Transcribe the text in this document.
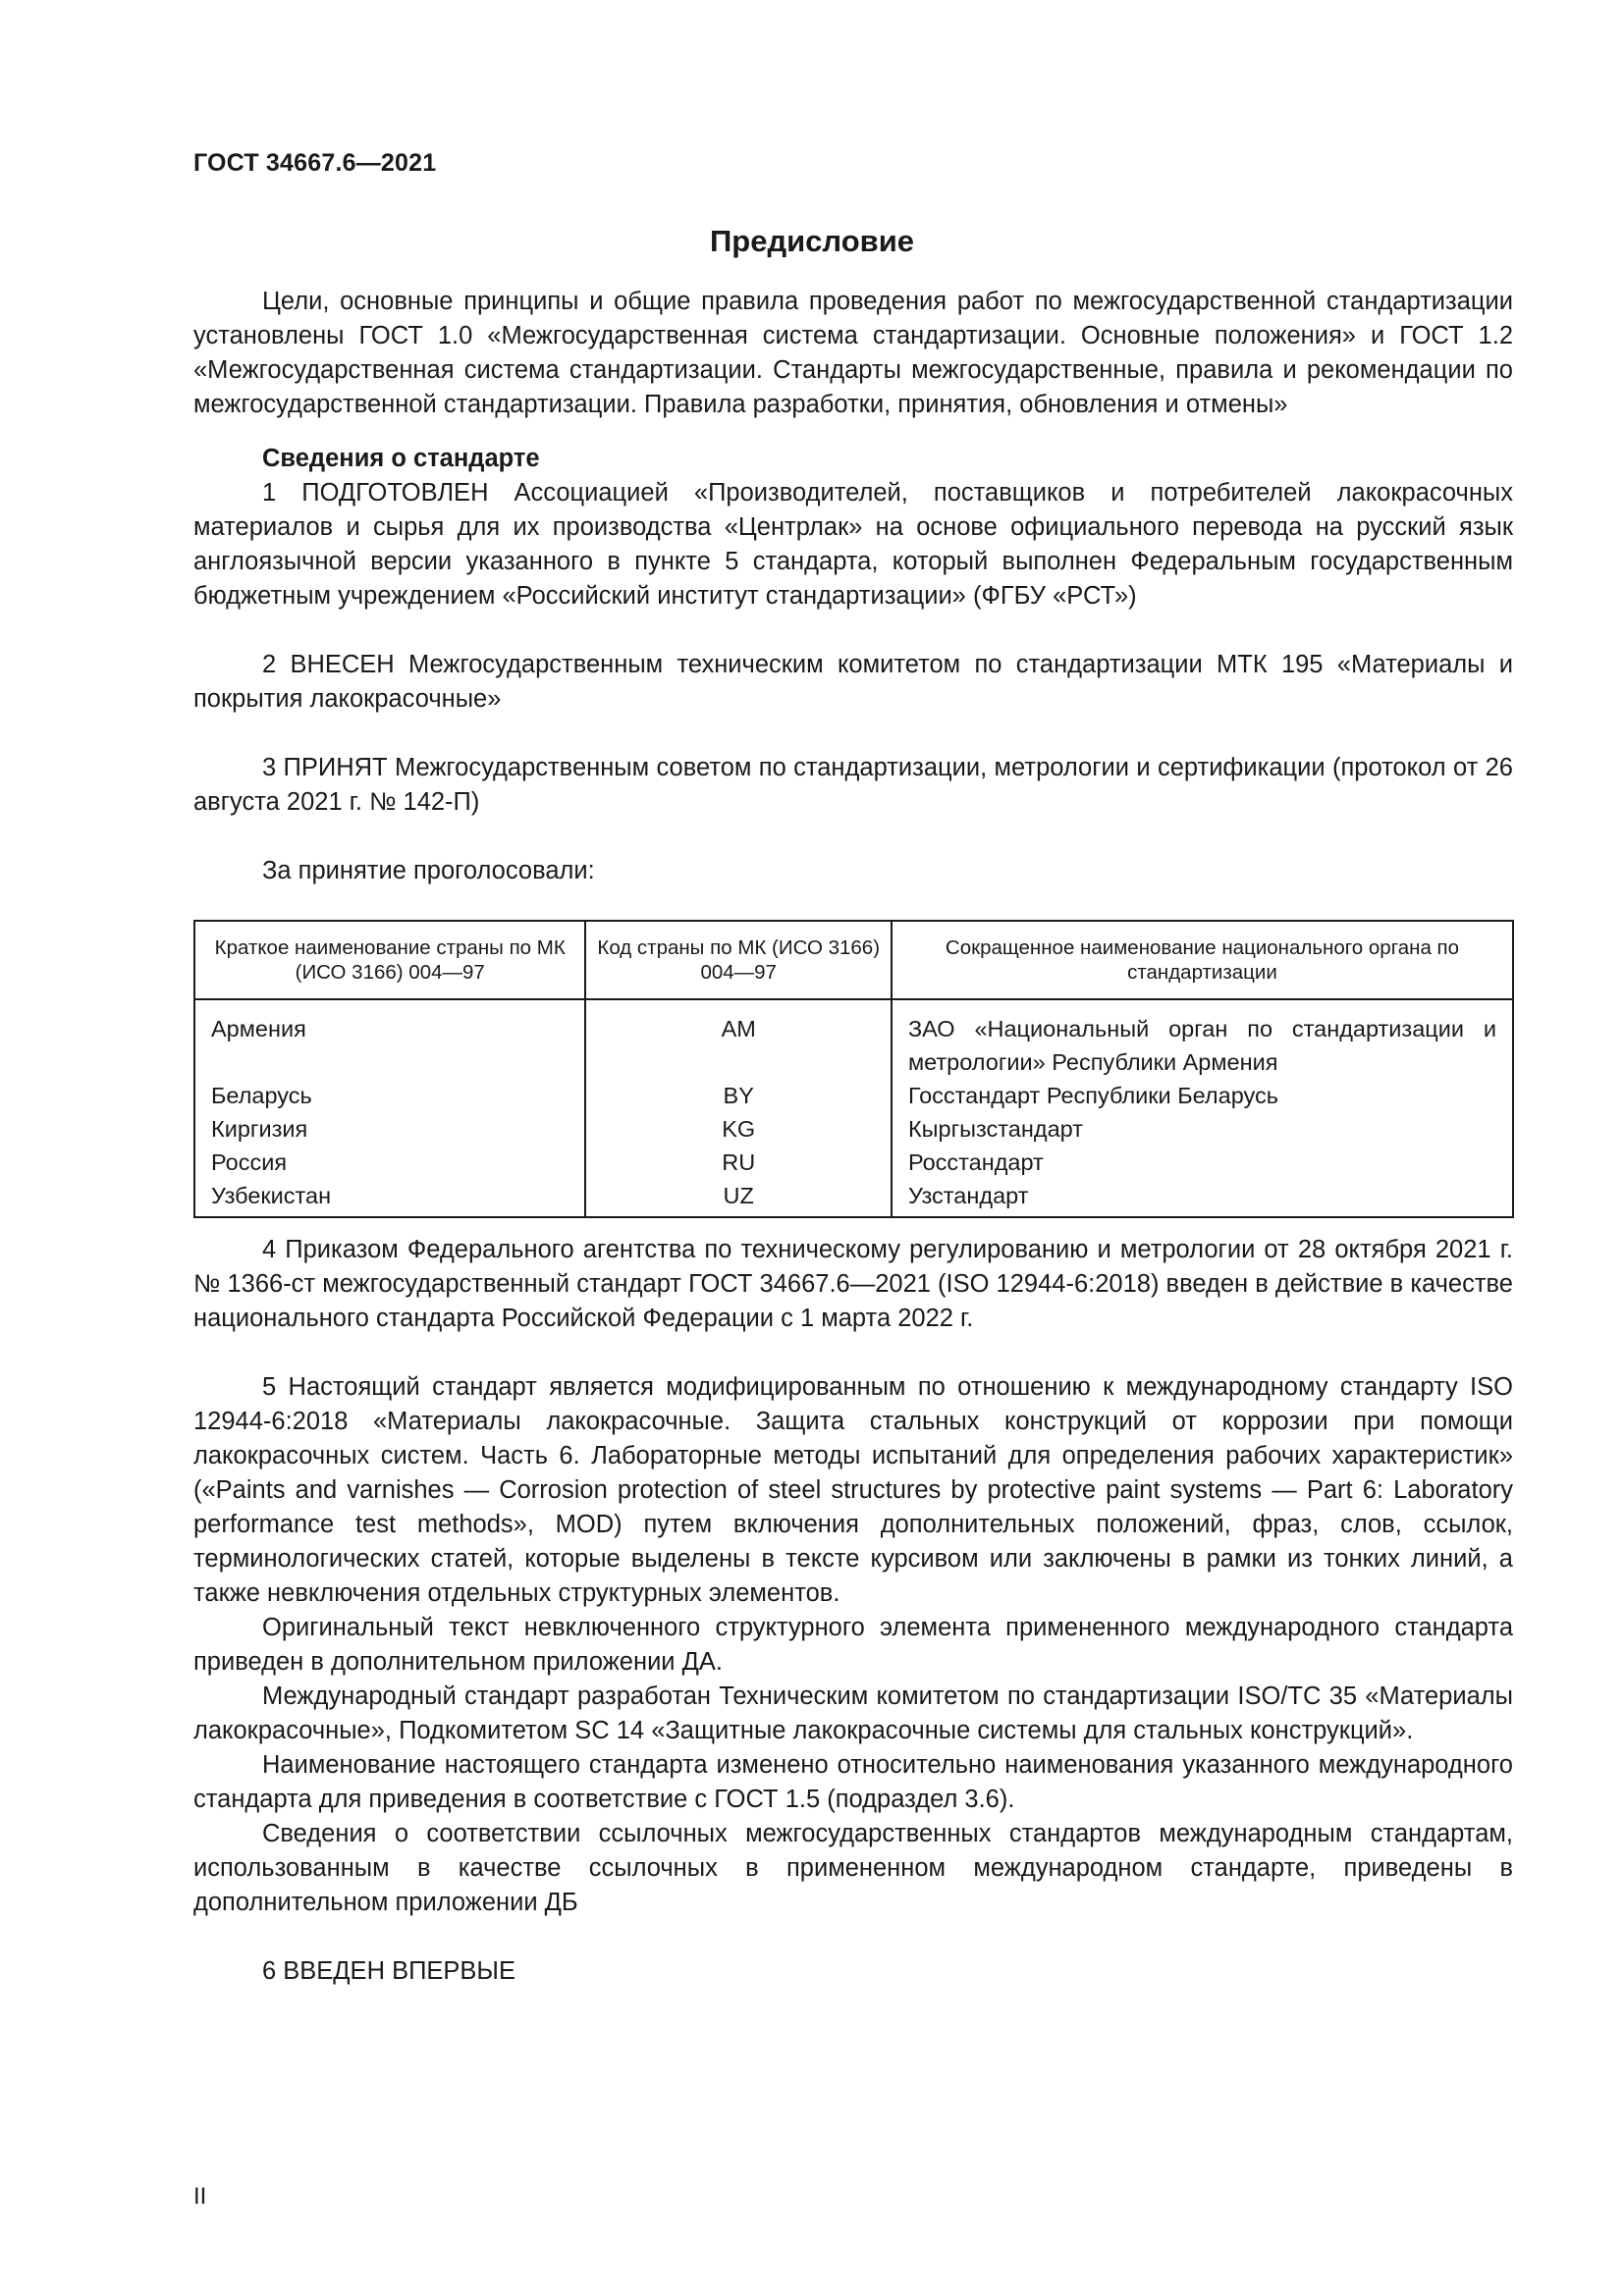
ГОСТ 34667.6—2021
Предисловие

Цели, основные принципы и общие правила проведения работ по межгосударственной стандартизации установлены ГОСТ 1.0 «Межгосударственная система стандартизации. Основные положения» и ГОСТ 1.2 «Межгосударственная система стандартизации. Стандарты межгосударственные, правила и рекомендации по межгосударственной стандартизации. Правила разработки, принятия, обновления и отмены»

Сведения о стандарте

1 ПОДГОТОВЛЕН Ассоциацией «Производителей, поставщиков и потребителей лакокрасочных материалов и сырья для их производства «Центрлак» на основе официального перевода на русский язык англоязычной версии указанного в пункте 5 стандарта, который выполнен Федеральным государственным бюджетным учреждением «Российский институт стандартизации» (ФГБУ «РСТ»)

2 ВНЕСЕН Межгосударственным техническим комитетом по стандартизации МТК 195 «Материалы и покрытия лакокрасочные»

3 ПРИНЯТ Межгосударственным советом по стандартизации, метрологии и сертификации (протокол от 26 августа 2021 г. № 142-П)

За принятие проголосовали:

Краткое наименование страны по МК (ИСО 3166) 004—97	Код страны по МК (ИСО 3166) 004—97	Сокращенное наименование национального органа по стандартизации
Армения	AM	ЗАО «Национальный орган по стандартизации и метрологии» Республики Армения
Беларусь	BY	Госстандарт Республики Беларусь
Киргизия	KG	Кыргызстандарт
Россия	RU	Росстандарт
Узбекистан	UZ	Узстандарт

4 Приказом Федерального агентства по техническому регулированию и метрологии от 28 октября 2021 г. № 1366-ст межгосударственный стандарт ГОСТ 34667.6—2021 (ISO 12944-6:2018) введен в действие в качестве национального стандарта Российской Федерации с 1 марта 2022 г.

5 Настоящий стандарт является модифицированным по отношению к международному стандарту ISO 12944-6:2018 «Материалы лакокрасочные. Защита стальных конструкций от коррозии при помощи лакокрасочных систем. Часть 6. Лабораторные методы испытаний для определения рабочих характеристик» («Paints and varnishes — Corrosion protection of steel structures by protective paint systems — Part 6: Laboratory performance test methods», MOD) путем включения дополнительных положений, фраз, слов, ссылок, терминологических статей, которые выделены в тексте курсивом или заключены в рамки из тонких линий, а также невключения отдельных структурных элементов.

Оригинальный текст невключенного структурного элемента примененного международного стандарта приведен в дополнительном приложении ДА.

Международный стандарт разработан Техническим комитетом по стандартизации ISO/TC 35 «Материалы лакокрасочные», Подкомитетом SC 14 «Защитные лакокрасочные системы для стальных конструкций».

Наименование настоящего стандарта изменено относительно наименования указанного международного стандарта для приведения в соответствие с ГОСТ 1.5 (подраздел 3.6).

Сведения о соответствии ссылочных межгосударственных стандартов международным стандартам, использованным в качестве ссылочных в примененном международном стандарте, приведены в дополнительном приложении ДБ

6 ВВЕДЕН ВПЕРВЫЕ

II
